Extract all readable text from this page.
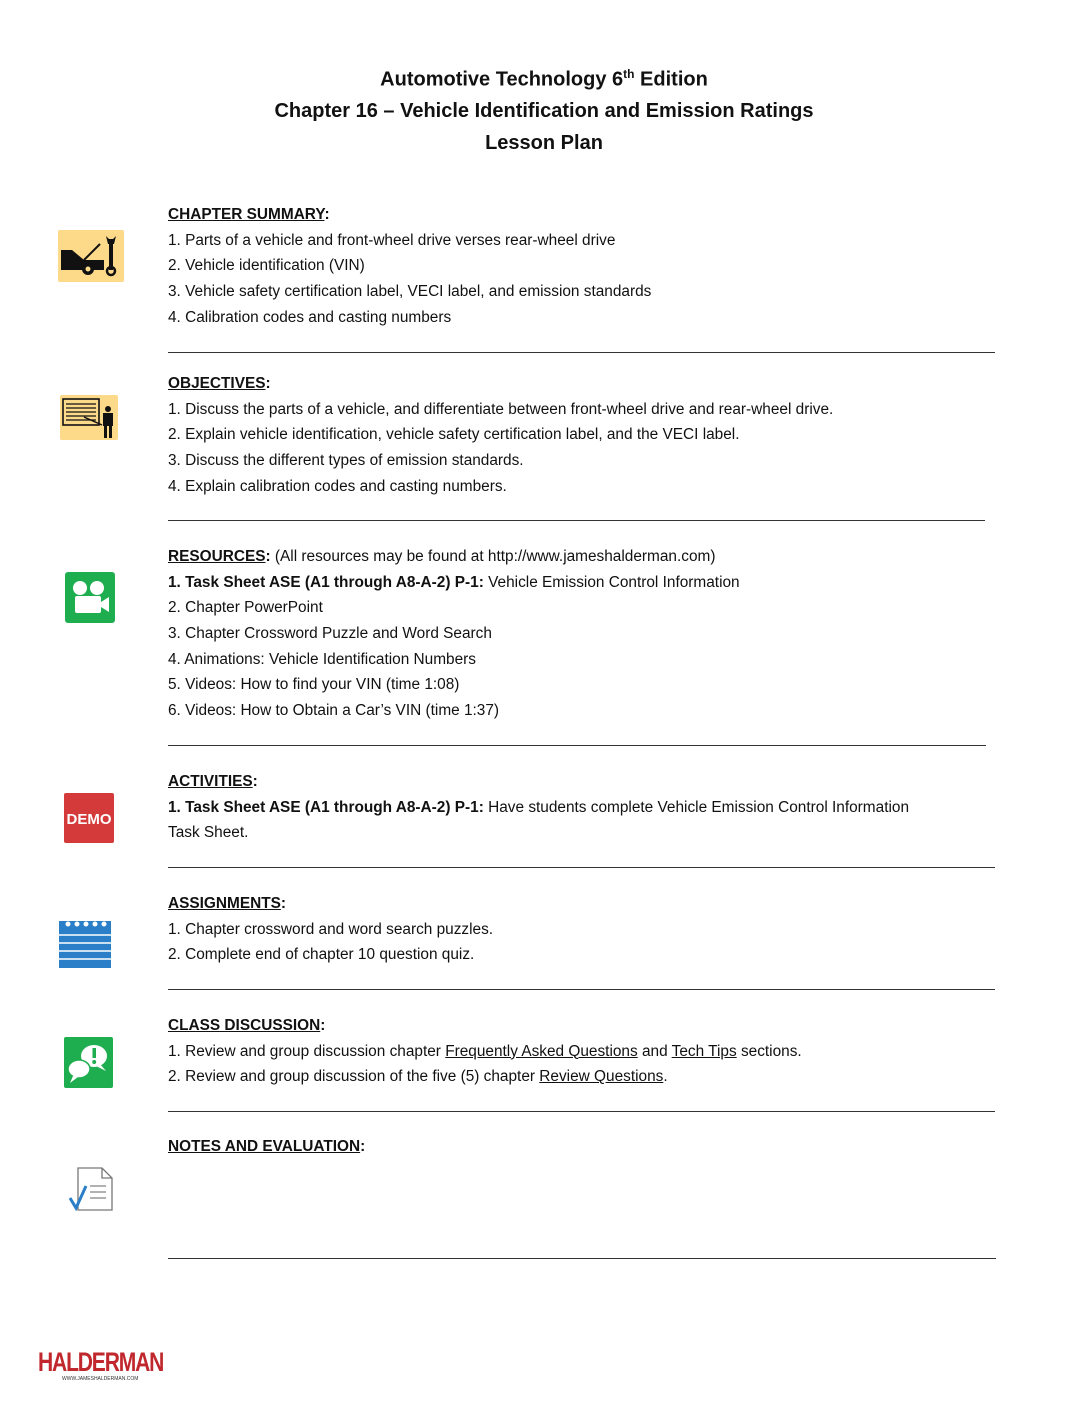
Automotive Technology 6th Edition
Chapter 16 – Vehicle Identification and Emission Ratings
Lesson Plan
CHAPTER SUMMARY:
1. Parts of a vehicle and front-wheel drive verses rear-wheel drive
2. Vehicle identification (VIN)
3. Vehicle safety certification label, VECI label, and emission standards
4. Calibration codes and casting numbers
OBJECTIVES:
1. Discuss the parts of a vehicle, and differentiate between front-wheel drive and rear-wheel drive.
2. Explain vehicle identification, vehicle safety certification label, and the VECI label.
3. Discuss the different types of emission standards.
4. Explain calibration codes and casting numbers.
RESOURCES: (All resources may be found at http://www.jameshalderman.com)
1. Task Sheet ASE (A1 through A8-A-2) P-1: Vehicle Emission Control Information
2. Chapter PowerPoint
3. Chapter Crossword Puzzle and Word Search
4. Animations: Vehicle Identification Numbers
5. Videos: How to find your VIN (time 1:08)
6. Videos: How to Obtain a Car’s VIN (time 1:37)
DEMO
ACTIVITIES:
1. Task Sheet ASE (A1 through A8-A-2) P-1: Have students complete Vehicle Emission Control Information
Task Sheet.
ASSIGNMENTS:
1. Chapter crossword and word search puzzles.
2. Complete end of chapter 10 question quiz.
CLASS DISCUSSION:
1. Review and group discussion chapter Frequently Asked Questions and Tech Tips sections.
2. Review and group discussion of the five (5) chapter Review Questions.
NOTES AND EVALUATION:
HALDERMAN
WWW.JAMESHALDERMAN.COM
